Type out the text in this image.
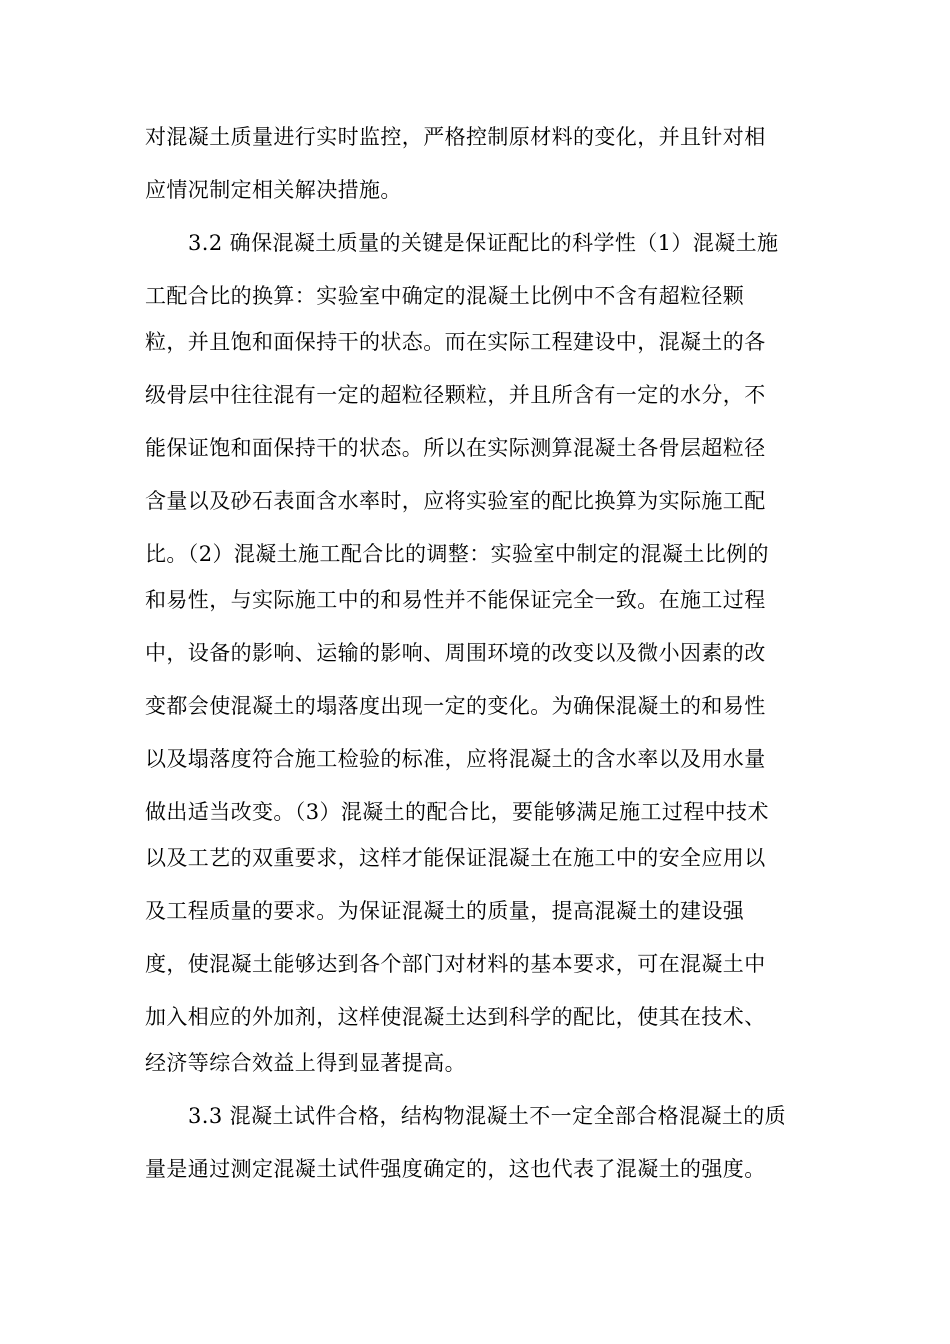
对混凝土质量进行实时监控，严格控制原材料的变化，并且针对相
应情况制定相关解决措施。
3.2 确保混凝土质量的关键是保证配比的科学性（1）混凝土施
工配合比的换算：实验室中确定的混凝土比例中不含有超粒径颗
粒，并且饱和面保持干的状态。而在实际工程建设中，混凝土的各
级骨层中往往混有一定的超粒径颗粒，并且所含有一定的水分，不
能保证饱和面保持干的状态。所以在实际测算混凝土各骨层超粒径
含量以及砂石表面含水率时，应将实验室的配比换算为实际施工配
比。（2）混凝土施工配合比的调整：实验室中制定的混凝土比例的
和易性，与实际施工中的和易性并不能保证完全一致。在施工过程
中，设备的影响、运输的影响、周围环境的改变以及微小因素的改
变都会使混凝土的塌落度出现一定的变化。为确保混凝土的和易性
以及塌落度符合施工检验的标准，应将混凝土的含水率以及用水量
做出适当改变。（3）混凝土的配合比，要能够满足施工过程中技术
以及工艺的双重要求，这样才能保证混凝土在施工中的安全应用以
及工程质量的要求。为保证混凝土的质量，提高混凝土的建设强
度，使混凝土能够达到各个部门对材料的基本要求，可在混凝土中
加入相应的外加剂，这样使混凝土达到科学的配比，使其在技术、
经济等综合效益上得到显著提高。
3.3 混凝土试件合格，结构物混凝土不一定全部合格混凝土的质
量是通过测定混凝土试件强度确定的，这也代表了混凝土的强度。
